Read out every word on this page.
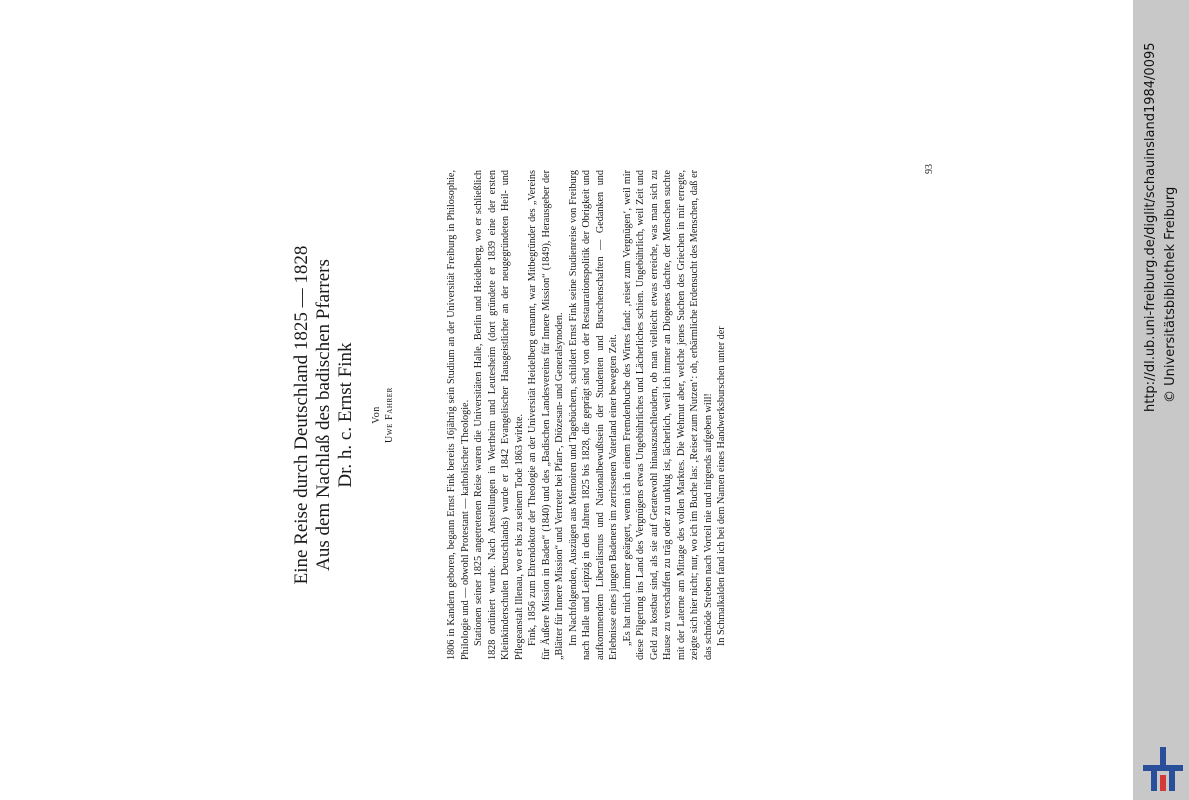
Eine Reise durch Deutschland 1825 — 1828 Aus dem Nachlaß des badischen Pfarrers Dr. h. c. Ernst Fink Von Uwe Fahrer	1806 in Kandern geboren, begann Ernst Fink bereits 16jährig sein Studium an der Universität Freiburg in Philosophie, Philologie und — obwohl Protestant — katholischer Theologie. Stationen seiner 1825 angetretenen Reise waren die Universitäten Halle, Berlin und Heidelberg, wo er schließlich 1828 ordiniert wurde. Nach Anstellungen in Wertheim und Leutesheim (dort gründete er 1839 eine der ersten Kleinkinderschulen Deutschlands) wurde er 1842 Evangelischer Hausgeistlicher an der neugegründeten Heil- und Pflegeanstalt Illenau, wo er bis zu seinem Tode 1863 wirkte. Fink, 1856 zum Ehrendoktor der Theologie an der Universität Heidelberg ernannt, war Mitbegründer des „Vereins für Äußere Mission in Baden“ (1840) und des „Badischen Landesvereins für Innere Mission“ (1849), Herausgeber der „Blätter für Innere Mission“ und Vertreter bei Pfarr-, Diözesan- und Generalsynoden. Im Nachfolgenden, Auszügen aus Memoiren und Tagebüchern, schildert Ernst Fink seine Studienreise von Freiburg nach Halle und Leipzig in den Jahren 1825 bis 1828, die geprägt sind von der Restaurationspolitik der Obrigkeit und aufkommendem Liberalismus und Nationalbewußtsein der Studenten und Burschenschaften — Gedanken und Erlebnisse eines jungen Badeners im zerrissenen Vaterland einer bewegten Zeit. „Es hat mich immer geärgert, wenn ich in einem Fremdenbuche des Wirtes fand: ‚reiset zum Vergnügen‘, weil mir diese Pilgerung ins Land des Vergnügens etwas Ungebührliches und Lächerliches schien. Ungebührlich, weil Zeit und Geld zu kostbar sind, als sie auf Geratewohl hinauszuschleudern, ob man vielleicht etwas erreiche, was man sich zu Hause zu verschaffen zu träg oder zu unklug ist, lächerlich, weil ich immer an Diogenes dachte, der Menschen suchte mit der Laterne am Mittage des vollen Marktes. Die Wehmut aber, welche jenes Suchen des Griechen in mir erregte, zeigte sich hier nicht; nur, wo ich im Buche las: ‚Reiset zum Nutzen‘: oh, erbärmliche Erdensucht des Menschen, daß er das schnöde Streben nach Vorteil nie und nirgends aufgeben will! In Schmalkalden fand ich bei dem Namen eines Handwerksburschen unter der

93	http://dl.ub.uni-freiburg.de/diglit/schauinsland1984/0095 © Universitätsbibliothek Freiburg
